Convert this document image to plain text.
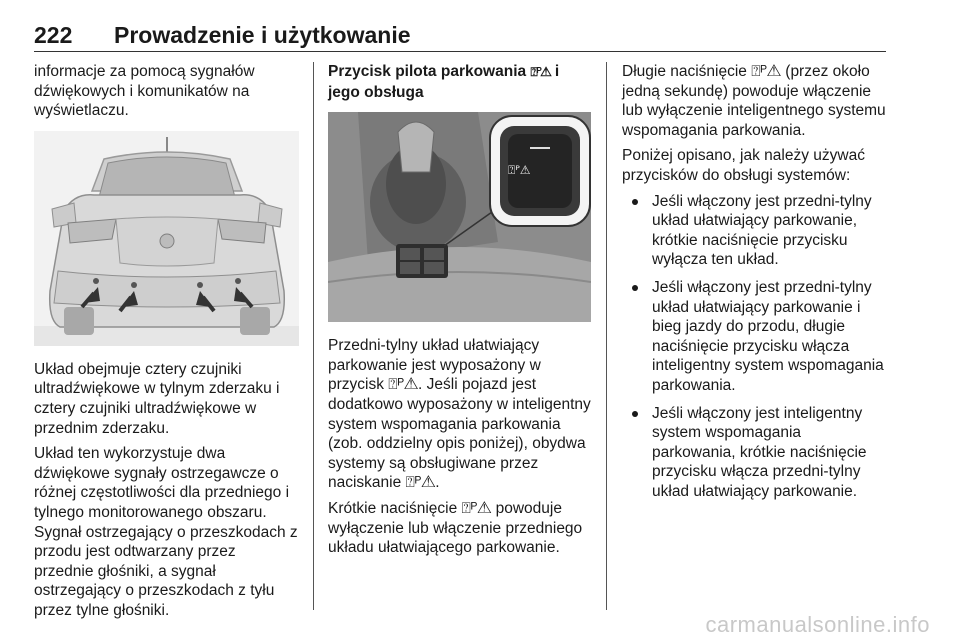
222 Prowadzenie i użytkowanie
informacje za pomocą sygnałów dźwiękowych i komunikatów na wyświetlaczu.
Układ obejmuje cztery czujniki ultradźwiękowe w tylnym zderzaku i cztery czujniki ultradźwiękowe w przednim zderzaku.
Układ ten wykorzystuje dwa dźwiękowe sygnały ostrzegawcze o różnej częstotliwości dla przedniego i tylnego monitorowanego obszaru. Sygnał ostrzegający o przeszkodach z przodu jest odtwarzany przez przednie głośniki, a sygnał ostrzegający o przeszkodach z tyłu przez tylne głośniki.
Przycisk pilota parkowania ⍰ᴾ⚠ i jego obsługa
⍰ᴾ⚠
Przedni-tylny układ ułatwiający parkowanie jest wyposażony w przycisk ⍰ᴾ⚠. Jeśli pojazd jest dodatkowo wyposażony w inteligentny system wspomagania parkowania (zob. oddzielny opis poniżej), obydwa systemy są obsługiwane przez naciskanie ⍰ᴾ⚠.
Krótkie naciśnięcie ⍰ᴾ⚠ powoduje wyłączenie lub włączenie przedniego układu ułatwiającego parkowanie.
Długie naciśnięcie ⍰ᴾ⚠ (przez około jedną sekundę) powoduje włączenie lub wyłączenie inteligentnego systemu wspomagania parkowania.
Poniżej opisano, jak należy używać przycisków do obsługi systemów:
Jeśli włączony jest przedni-tylny układ ułatwiający parkowanie, krótkie naciśnięcie przycisku wyłącza ten układ.
Jeśli włączony jest przedni-tylny układ ułatwiający parkowanie i bieg jazdy do przodu, długie naciśnięcie przycisku włącza inteligentny system wspomagania parkowania.
Jeśli włączony jest inteligentny system wspomagania parkowania, krótkie naciśnięcie przycisku włącza przedni-tylny układ ułatwiający parkowanie.
carmanualsonline.info
